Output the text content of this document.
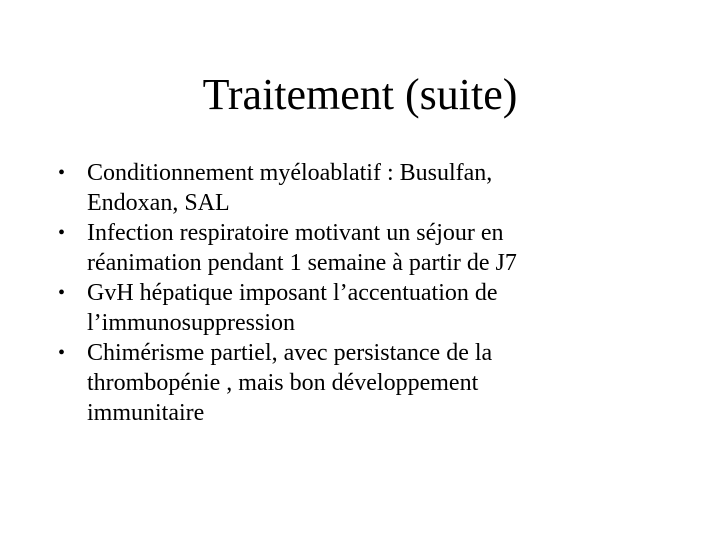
Traitement (suite)
• Conditionnement myéloablatif : Busulfan,
Endoxan, SAL
• Infection respiratoire motivant un séjour en
réanimation pendant 1 semaine à partir de J7
• GvH hépatique imposant l’accentuation de
l’immunosuppression
• Chimérisme partiel, avec persistance de la
thrombopénie , mais bon développement
immunitaire
